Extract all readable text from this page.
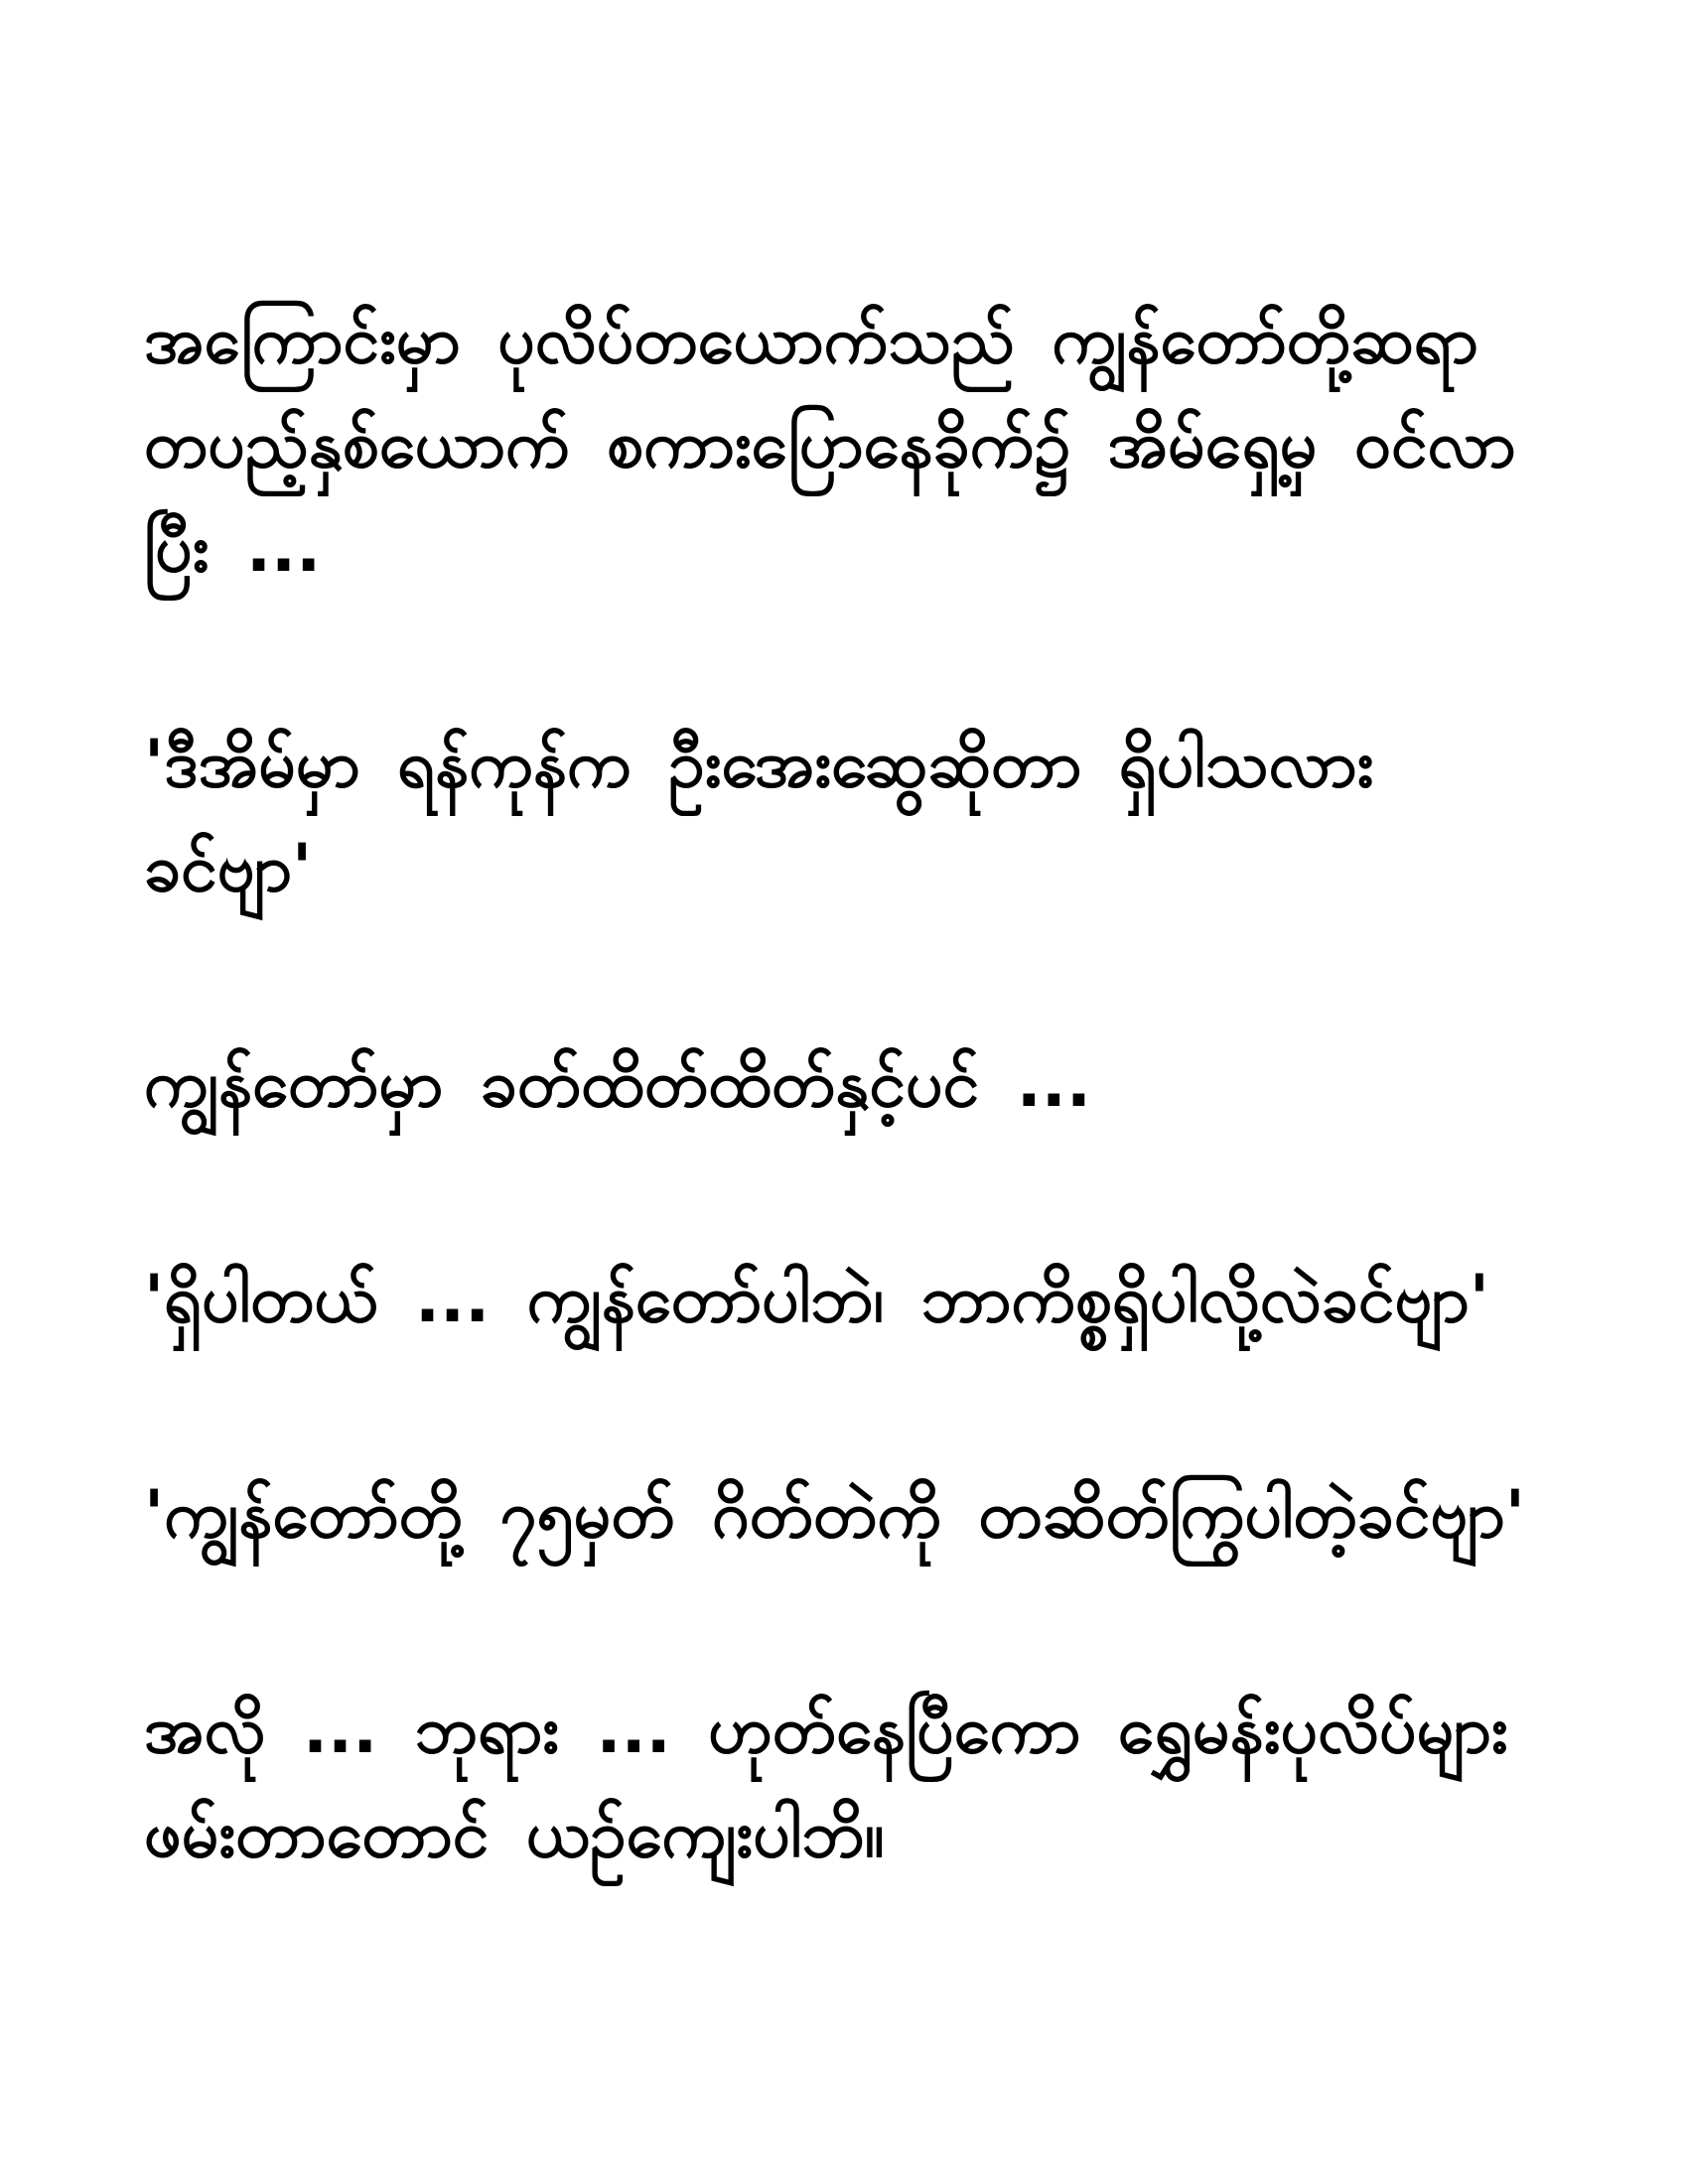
အကြောင်းမှာ ပုလိပ်တယောက်သည် ကျွန်တော်တို့ဆရာ တပည့်နှစ်ယောက် စကားပြောနေခိုက်၌ အိမ်ရှေ့မှ ဝင်လာ ပြီး ...

'ဒီအိမ်မှာ ရန်ကုန်က ဦးအေးဆွေဆိုတာ ရှိပါသလား ခင်ဗျာ'

ကျွန်တော်မှာ ခတ်ထိတ်ထိတ်နှင့်ပင် ...

'ရှိပါတယ် ... ကျွန်တော်ပါဘဲ၊ ဘာကိစ္စရှိပါလို့လဲခင်ဗျာ'

'ကျွန်တော်တို့ ၇၅မှတ် ဂိတ်တဲကို တဆိတ်ကြွပါတဲ့ခင်ဗျာ'

အလို ... ဘုရား ... ဟုတ်နေပြီကော ရွှေမန်းပုလိပ်များ ဖမ်းတာတောင် ယဉ်ကျေးပါဘိ။
